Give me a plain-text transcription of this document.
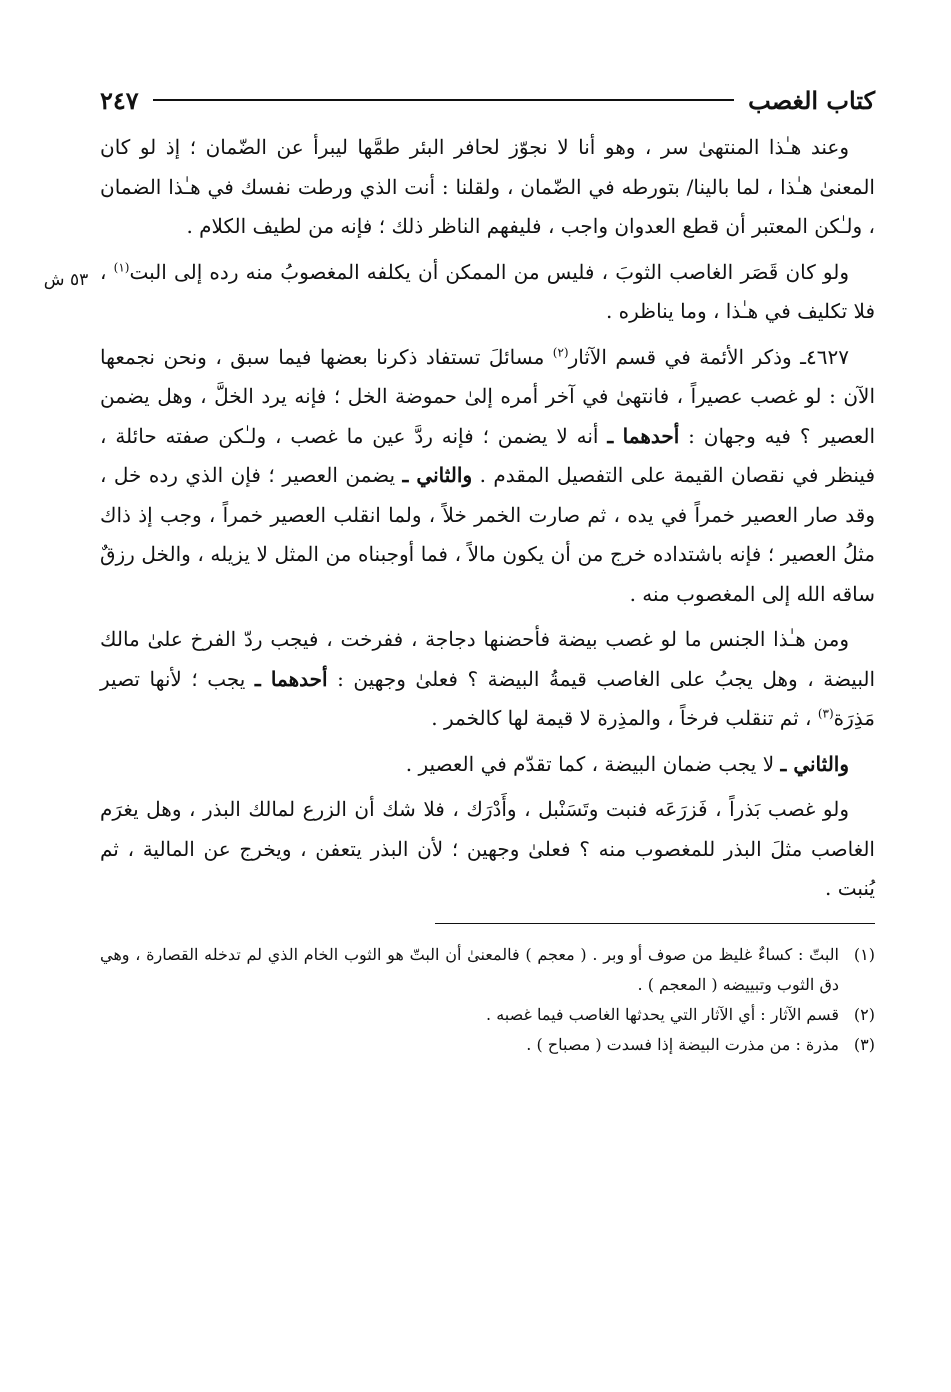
كتاب الغصب
٢٤٧
٥٣ ش

وعند هـٰذا المنتهىٰ سر ، وهو أنا لا نجوّز لحافر البئر طمَّها ليبرأ عن الضّمان ؛ إذ لو كان المعنىٰ هـٰذا ، لما بالينا/ بتورطه في الضّمان ، ولقلنا : أنت الذي ورطت نفسك في هـٰذا الضمان ، ولـٰكن المعتبر أن قطع العدوان واجب ، فليفهم الناظر ذلك ؛ فإنه من لطيف الكلام .

ولو كان قَصَر الغاصب الثوبَ ، فليس من الممكن أن يكلفه المغصوبُ منه رده إلى البت$^{(١)}$ ، فلا تكليف في هـٰذا ، وما يناظره .

٤٦٢٧ـ وذكر الأئمة في قسم الآثار$^{(٢)}$ مسائلَ تستفاد ذكرنا بعضها فيما سبق ، ونحن نجمعها الآن : لو غصب عصيراً ، فانتهىٰ في آخر أمره إلىٰ حموضة الخل ؛ فإنه يرد الخلَّ ، وهل يضمن العصير ؟ فيه وجهان : أحدهما ـ أنه لا يضمن ؛ فإنه ردَّ عين ما غصب ، ولـٰكن صفته حائلة ، فينظر في نقصان القيمة على التفصيل المقدم . والثاني ـ يضمن العصير ؛ فإن الذي رده خل ، وقد صار العصير خمراً في يده ، ثم صارت الخمر خلاً ، ولما انقلب العصير خمراً ، وجب إذ ذاك مثلُ العصير ؛ فإنه باشتداده خرج من أن يكون مالاً ، فما أوجبناه من المثل لا يزيله ، والخل رزقٌ ساقه الله إلى المغصوب منه .

ومن هـٰذا الجنس ما لو غصب بيضة فأحضنها دجاجة ، ففرخت ، فيجب ردّ الفرخ علىٰ مالك البيضة ، وهل يجبُ على الغاصب قيمةُ البيضة ؟ فعلىٰ وجهين : أحدهما ـ يجب ؛ لأنها تصير مَذِرَة$^{(٣)}$ ، ثم تنقلب فرخاً ، والمذِرة لا قيمة لها كالخمر .

والثاني ـ لا يجب ضمان البيضة ، كما تقدّم في العصير .

ولو غصب بَذراً ، فَزرَعَه فنبت وتَسَنْبل ، وأَدْرَك ، فلا شك أن الزرع لمالك البذر ، وهل يغرَم الغاصب مثلَ البذر للمغصوب منه ؟ فعلىٰ وجهين ؛ لأن البذر يتعفن ، ويخرج عن المالية ، ثم يُنبت .

(١)
البتّ : كساءٌ غليظ من صوف أو وبر . ( معجم ) فالمعنىٰ أن البتّ هو الثوب الخام الذي لم تدخله القصارة ، وهي دق الثوب وتبييضه ( المعجم ) .
(٢)
قسم الآثار : أي الآثار التي يحدثها الغاصب فيما غصبه .
(٣)
مذرة : من مذرت البيضة إذا فسدت ( مصباح ) .
